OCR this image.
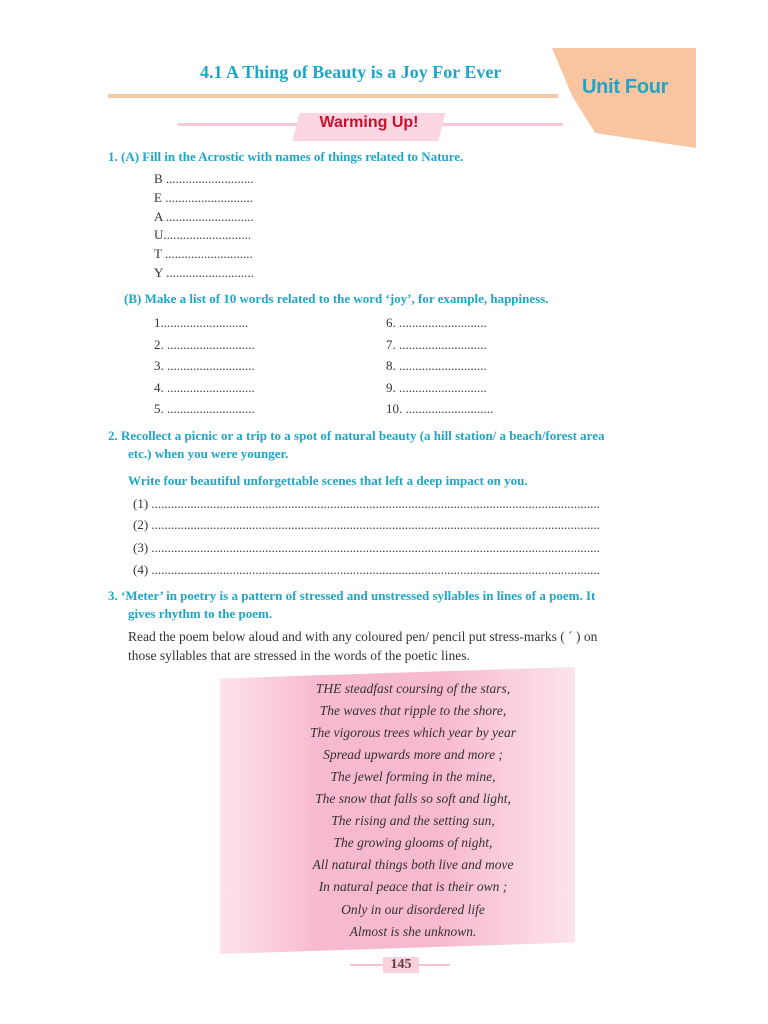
Unit Four
4.1 A Thing of Beauty is a Joy For Ever
Warming Up!
1. (A) Fill in the Acrostic with names of things related to Nature.
B ...........................
E ...........................
A ...........................
U...........................
T ...........................
Y ...........................
(B) Make a list of 10 words related to the word ‘joy’, for example, happiness.
1...........................
2. ...........................
3. ...........................
4. ...........................
5. ...........................
6. ...........................
7. ...........................
8. ...........................
9. ...........................
10. ...........................
2. Recollect a picnic or a trip to a spot of natural beauty (a hill station/ a beach/forest area
etc.) when you were younger.
Write four beautiful unforgettable scenes that left a deep impact on you.
(1) ..........................................................................................................................................
(2) ..........................................................................................................................................
(3) ..........................................................................................................................................
(4) ..........................................................................................................................................
3. ‘Meter’ in poetry is a pattern of stressed and unstressed syllables in lines of a poem. It
gives rhythm to the poem.
Read the poem below aloud and with any coloured pen/ pencil put stress-marks ( ´ ) on
those syllables that are stressed in the words of the poetic lines.
THE steadfast coursing of the stars,
The waves that ripple to the shore,
The vigorous trees which year by year
Spread upwards more and more ;
The jewel forming in the mine,
The snow that falls so soft and light,
The rising and the setting sun,
The growing glooms of night,
All natural things both live and move
In natural peace that is their own ;
Only in our disordered life
Almost is she unknown.
145
